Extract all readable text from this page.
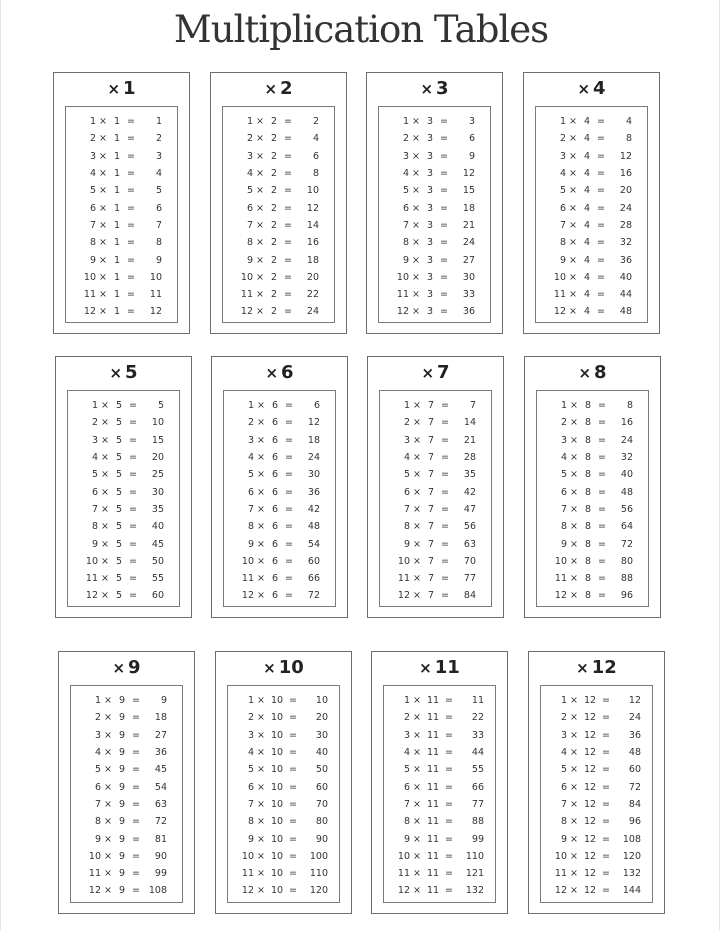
Multiplication Tables
× 1
1 × 1 =	1
2 × 1 =	2
3 × 1 =	3
4 × 1 =	4
5 × 1 =	5
6 × 1 =	6
7 × 1 =	7
8 × 1 =	8
9 × 1 =	9
10 × 1 =	10
11 × 1 =	11
12 × 1 =	12
× 2
1 × 2 =	2
2 × 2 =	4
3 × 2 =	6
4 × 2 =	8
5 × 2 =	10
6 × 2 =	12
7 × 2 =	14
8 × 2 =	16
9 × 2 =	18
10 × 2 =	20
11 × 2 =	22
12 × 2 =	24
× 3
1 × 3 =	3
2 × 3 =	6
3 × 3 =	9
4 × 3 =	12
5 × 3 =	15
6 × 3 =	18
7 × 3 =	21
8 × 3 =	24
9 × 3 =	27
10 × 3 =	30
11 × 3 =	33
12 × 3 =	36
× 4
1 × 4 =	4
2 × 4 =	8
3 × 4 =	12
4 × 4 =	16
5 × 4 =	20
6 × 4 =	24
7 × 4 =	28
8 × 4 =	32
9 × 4 =	36
10 × 4 =	40
11 × 4 =	44
12 × 4 =	48
× 5
1 × 5 =	5
2 × 5 =	10
3 × 5 =	15
4 × 5 =	20
5 × 5 =	25
6 × 5 =	30
7 × 5 =	35
8 × 5 =	40
9 × 5 =	45
10 × 5 =	50
11 × 5 =	55
12 × 5 =	60
× 6
1 × 6 =	6
2 × 6 =	12
3 × 6 =	18
4 × 6 =	24
5 × 6 =	30
6 × 6 =	36
7 × 6 =	42
8 × 6 =	48
9 × 6 =	54
10 × 6 =	60
11 × 6 =	66
12 × 6 =	72
× 7
1 × 7 =	7
2 × 7 =	14
3 × 7 =	21
4 × 7 =	28
5 × 7 =	35
6 × 7 =	42
7 × 7 =	47
8 × 7 =	56
9 × 7 =	63
10 × 7 =	70
11 × 7 =	77
12 × 7 =	84
× 8
1 × 8 =	8
2 × 8 =	16
3 × 8 =	24
4 × 8 =	32
5 × 8 =	40
6 × 8 =	48
7 × 8 =	56
8 × 8 =	64
9 × 8 =	72
10 × 8 =	80
11 × 8 =	88
12 × 8 =	96
× 9
1 × 9 =	9
2 × 9 =	18
3 × 9 =	27
4 × 9 =	36
5 × 9 =	45
6 × 9 =	54
7 × 9 =	63
8 × 9 =	72
9 × 9 =	81
10 × 9 =	90
11 × 9 =	99
12 × 9 = 108
× 10
1 × 10 =	10
2 × 10 =	20
3 × 10 =	30
4 × 10 =	40
5 × 10 =	50
6 × 10 =	60
7 × 10 =	70
8 × 10 =	80
9 × 10 =	90
10 × 10 =	100
11 × 10 =	110
12 × 10 =	120
× 11
1 × 11 =	11
2 × 11 =	22
3 × 11 =	33
4 × 11 =	44
5 × 11 =	55
6 × 11 =	66
7 × 11 =	77
8 × 11 =	88
9 × 11 =	99
10 × 11 =	110
11 × 11 =	121
12 × 11 =	132
× 12
1 × 12 =	12
2 × 12 =	24
3 × 12 =	36
4 × 12 =	48
5 × 12 =	60
6 × 12 =	72
7 × 12 =	84
8 × 12 =	96
9 × 12 =	108
10 × 12 =	120
11 × 12 =	132
12 × 12 =	144
